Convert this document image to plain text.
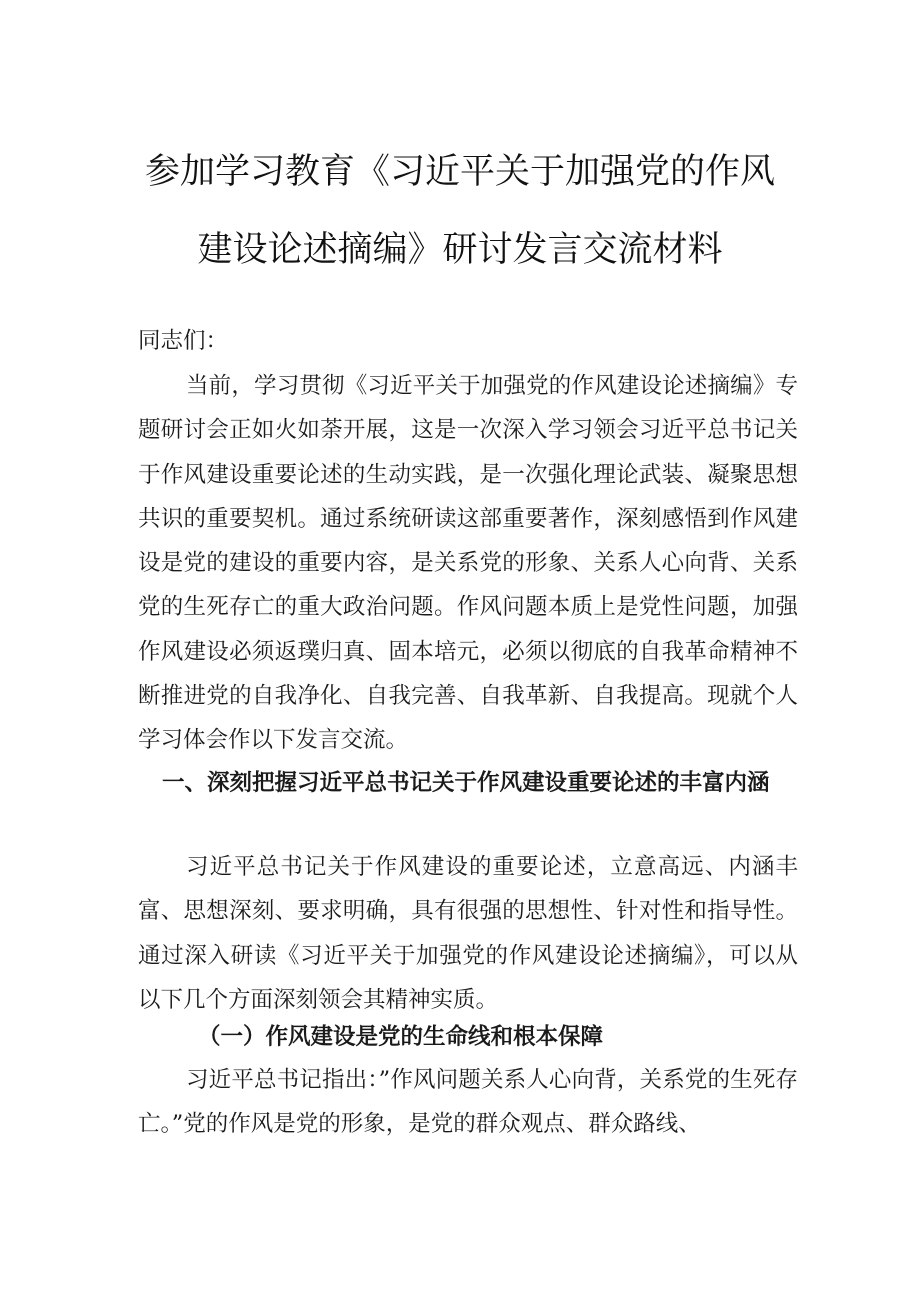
参加学习教育《习近平关于加强党的作风
建设论述摘编》研讨发言交流材料
同志们：
当前，学习贯彻《习近平关于加强党的作风建设论述摘编》专题研讨会正如火如荼开展，这是一次深入学习领会习近平总书记关于作风建设重要论述的生动实践，是一次强化理论武装、凝聚思想共识的重要契机。通过系统研读这部重要著作，深刻感悟到作风建设是党的建设的重要内容，是关系党的形象、关系人心向背、关系党的生死存亡的重大政治问题。作风问题本质上是党性问题，加强作风建设必须返璞归真、固本培元，必须以彻底的自我革命精神不断推进党的自我净化、自我完善、自我革新、自我提高。现就个人学习体会作以下发言交流。
一、深刻把握习近平总书记关于作风建设重要论述的丰富内涵
习近平总书记关于作风建设的重要论述，立意高远、内涵丰富、思想深刻、要求明确，具有很强的思想性、针对性和指导性。通过深入研读《习近平关于加强党的作风建设论述摘编》，可以从以下几个方面深刻领会其精神实质。
（一）作风建设是党的生命线和根本保障
习近平总书记指出：”作风问题关系人心向背，关系党的生死存亡。”党的作风是党的形象，是党的群众观点、群众路线、
